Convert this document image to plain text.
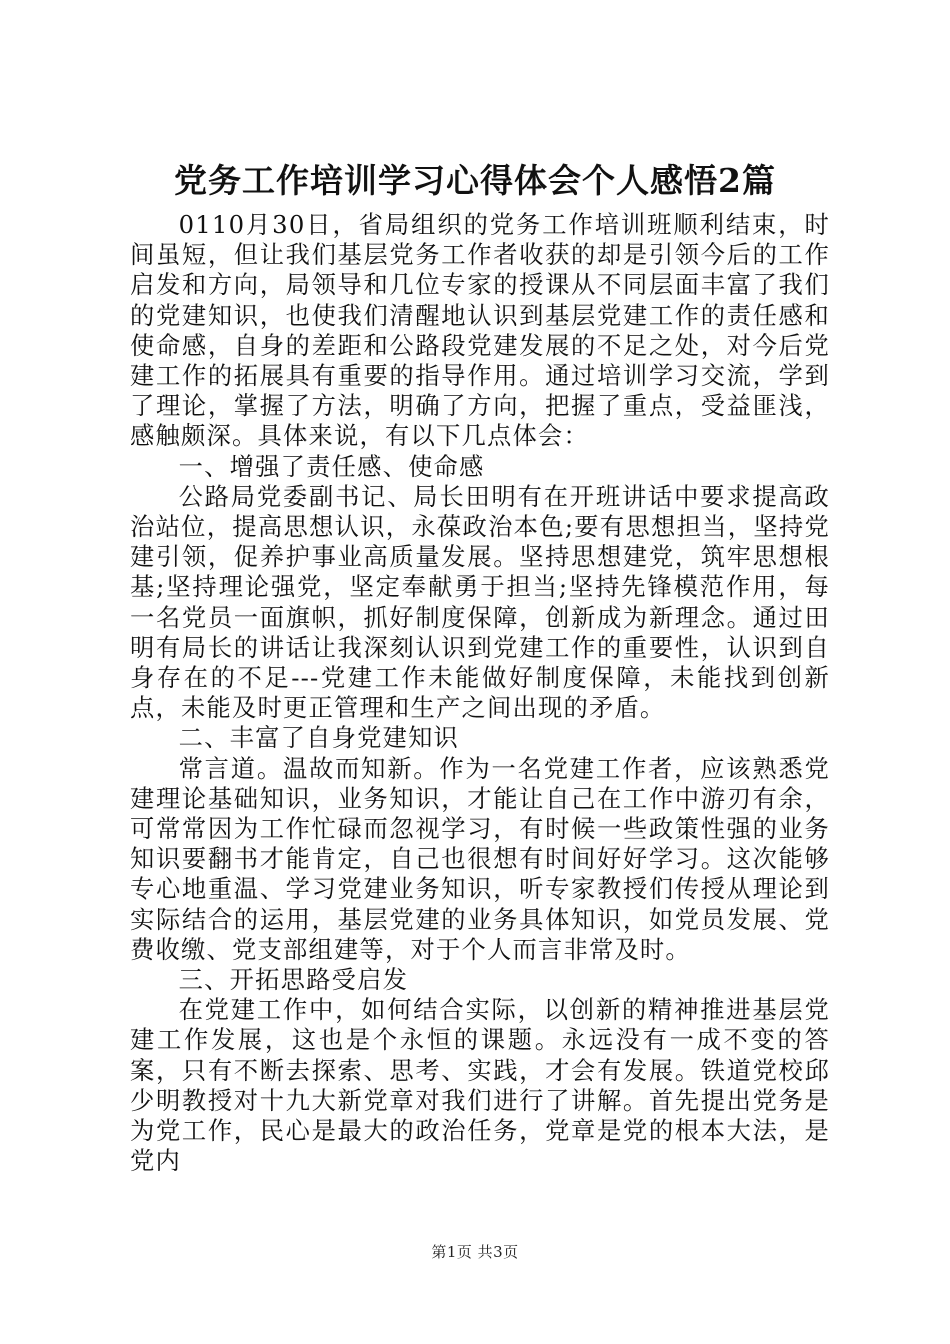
党务工作培训学习心得体会个人感悟2篇

0110月30日，省局组织的党务工作培训班顺利结束，时间虽短，但让我们基层党务工作者收获的却是引领今后的工作启发和方向，局领导和几位专家的授课从不同层面丰富了我们的党建知识，也使我们清醒地认识到基层党建工作的责任感和使命感，自身的差距和公路段党建发展的不足之处，对今后党建工作的拓展具有重要的指导作用。通过培训学习交流，学到了理论，掌握了方法，明确了方向，把握了重点，受益匪浅，感触颇深。具体来说，有以下几点体会：

一、增强了责任感、使命感

公路局党委副书记、局长田明有在开班讲话中要求提高政治站位，提高思想认识，永葆政治本色;要有思想担当，坚持党建引领，促养护事业高质量发展。坚持思想建党，筑牢思想根基;坚持理论强党，坚定奉献勇于担当;坚持先锋模范作用，每一名党员一面旗帜，抓好制度保障，创新成为新理念。通过田明有局长的讲话让我深刻认识到党建工作的重要性，认识到自身存在的不足---党建工作未能做好制度保障，未能找到创新点，未能及时更正管理和生产之间出现的矛盾。

二、丰富了自身党建知识

常言道。温故而知新。作为一名党建工作者，应该熟悉党建理论基础知识，业务知识，才能让自己在工作中游刃有余，可常常因为工作忙碌而忽视学习，有时候一些政策性强的业务知识要翻书才能肯定，自己也很想有时间好好学习。这次能够专心地重温、学习党建业务知识，听专家教授们传授从理论到实际结合的运用，基层党建的业务具体知识，如党员发展、党费收缴、党支部组建等，对于个人而言非常及时。

三、开拓思路受启发

在党建工作中，如何结合实际，以创新的精神推进基层党建工作发展，这也是个永恒的课题。永远没有一成不变的答案，只有不断去探索、思考、实践，才会有发展。铁道党校邱少明教授对十九大新党章对我们进行了讲解。首先提出党务是为党工作，民心是最大的政治任务，党章是党的根本大法，是党内

第1页 共3页
